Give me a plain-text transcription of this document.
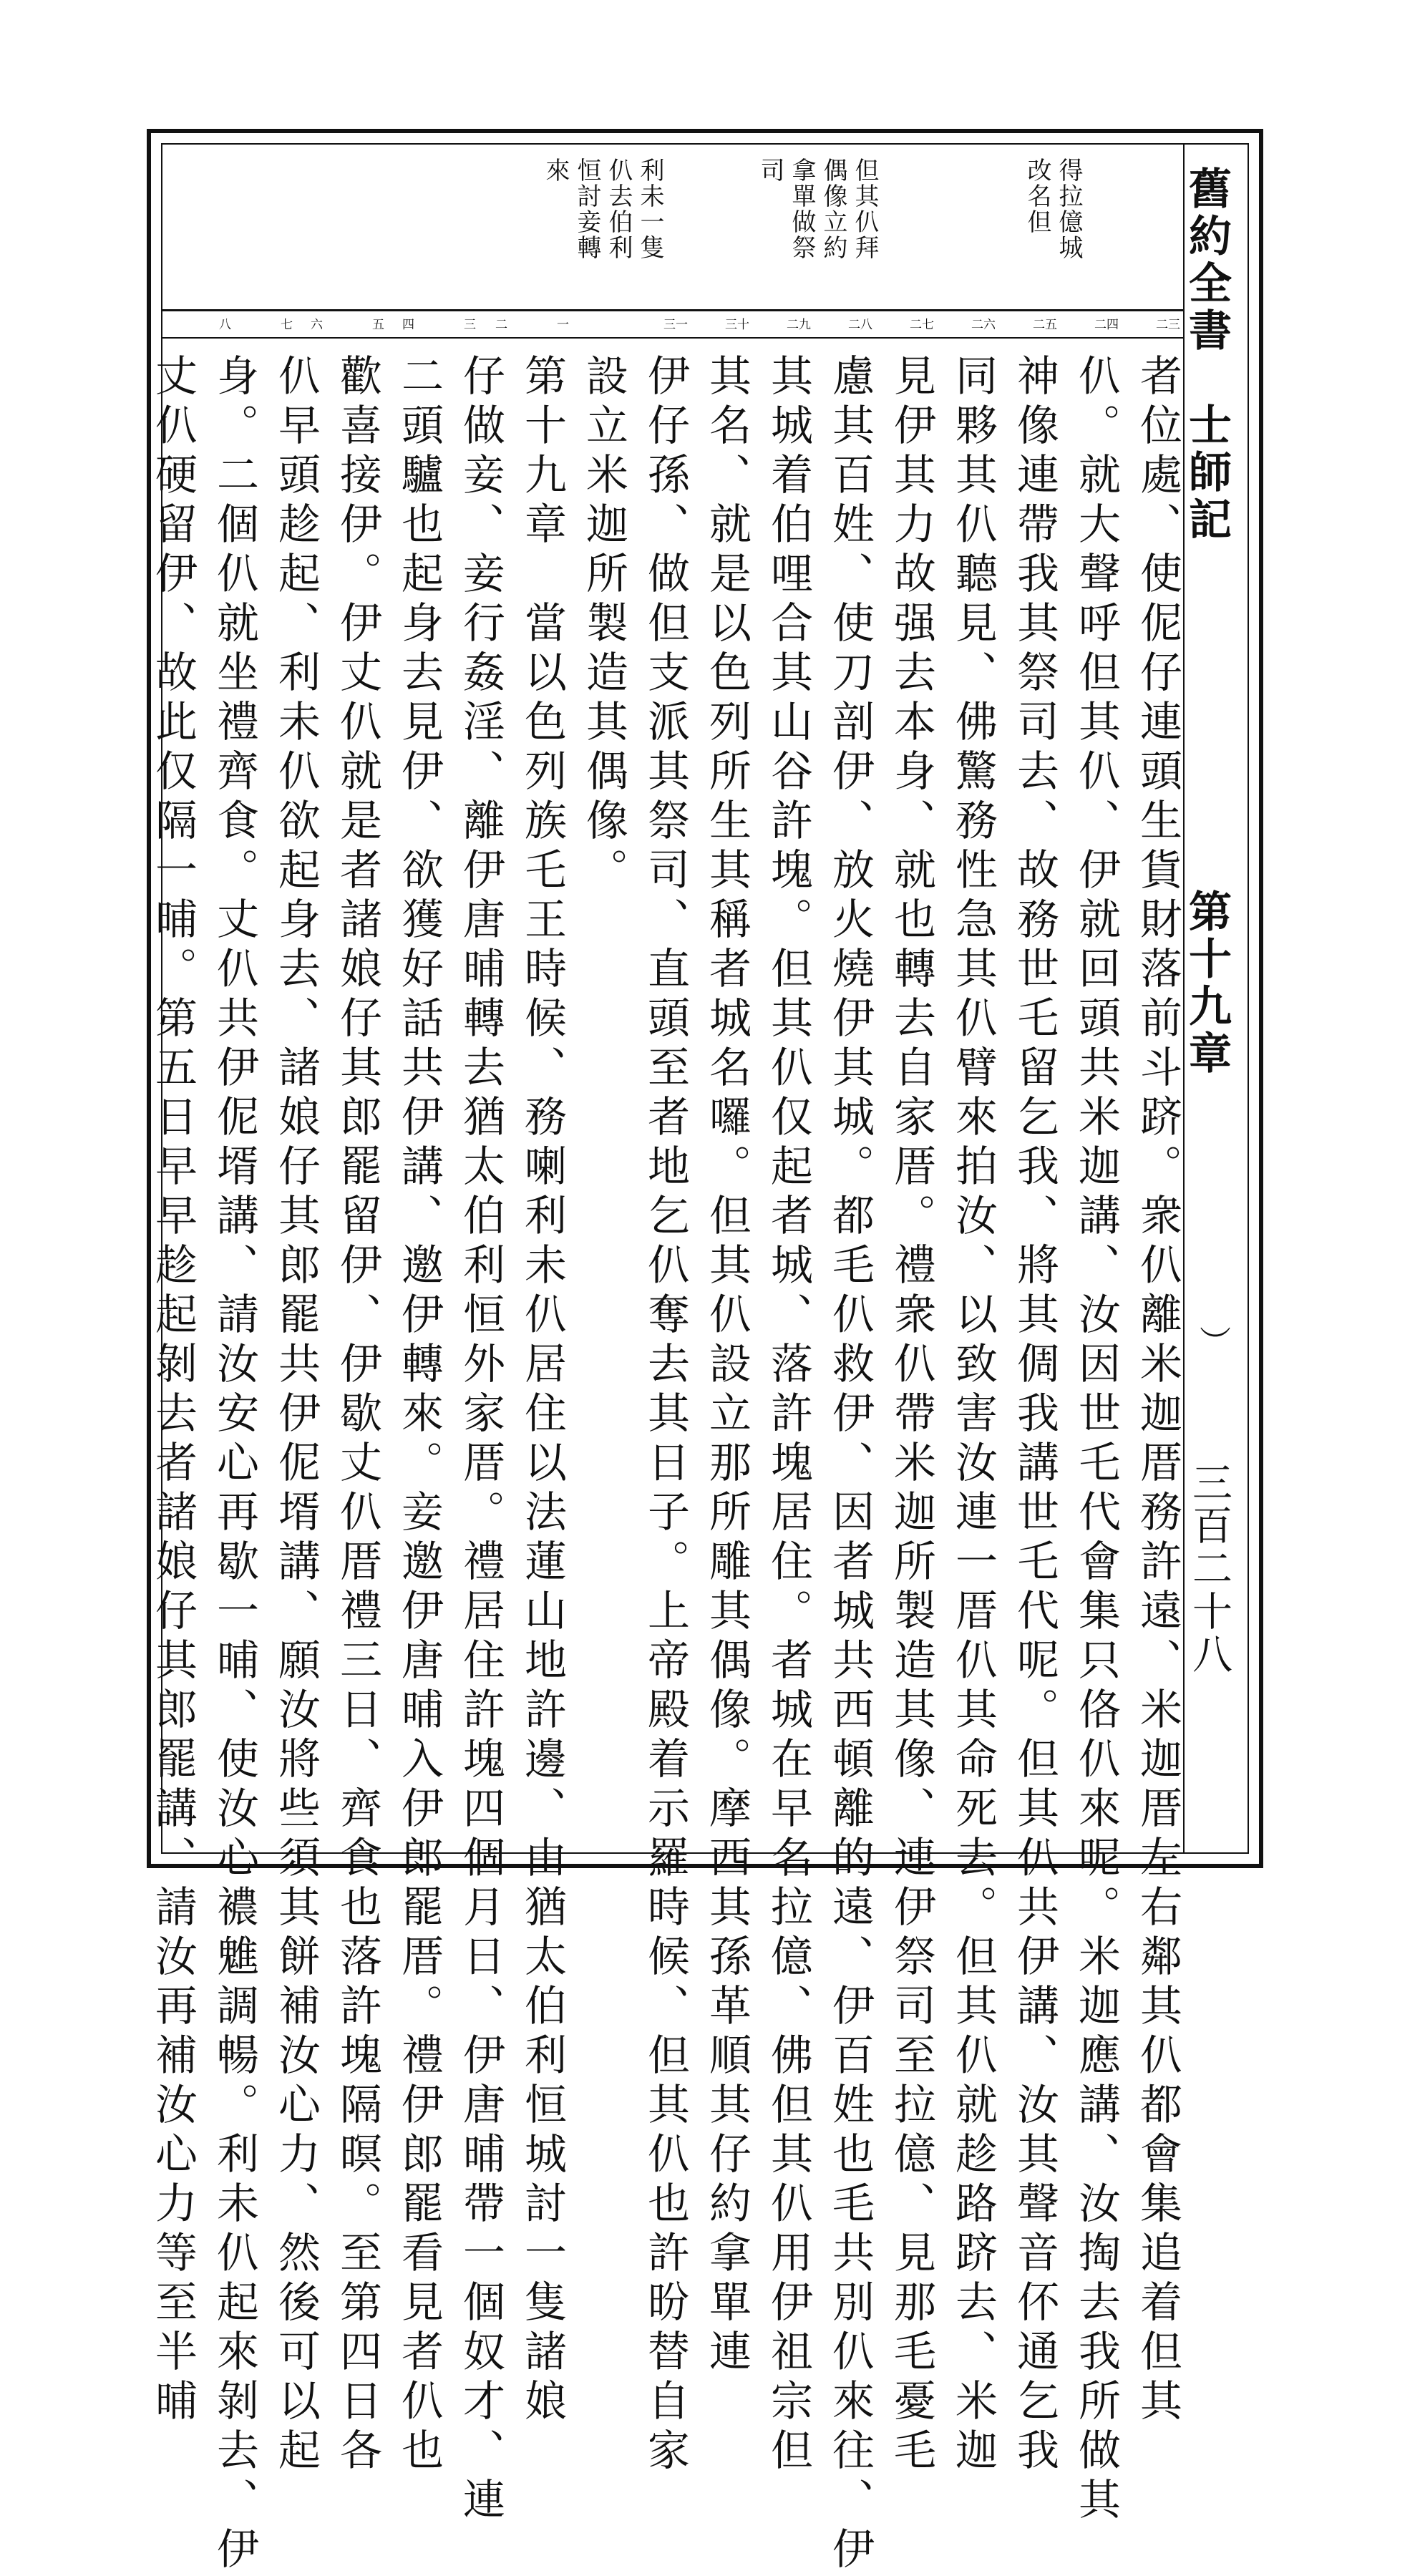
舊約全書　士師記
第十九章
）
三百二十八
得拉億城
改名但
但其仈拜
偶像立約
拿單做祭
司
利未一隻
仈去伯利
恒討妾轉
來
二三
二四
二五
二六
二七
二八
二九
三十
三一
一
二
三
四
五
六
七
八
者位處、使伲仔連頭生貨財落前斗跻。衆仈離米迦厝務許遠、米迦厝左右鄰其仈都會集追着但其
仈。就大聲呼但其仈、伊就回頭共米迦講、汝因世乇代會集只佫仈來呢。米迦應講、汝掏去我所做其
神像連帶我其祭司去、故務世乇留乞我、將其倜我講世乇代呢。但其仈共伊講、汝其聲音伓通乞我
同夥其仈聽見、佛驚務性急其仈臂來拍汝、以致害汝連一厝仈其命死去。但其仈就趁路跻去、米迦
見伊其力故强去本身、就也轉去自家厝。禮衆仈帶米迦所製造其像、連伊祭司至拉億、見那毛憂毛
慮其百姓、使刀剖伊、放火燒伊其城。都毛仈救伊、因者城共西頓離的遠、伊百姓也毛共別仈來往、伊
其城着伯哩合其山谷許塊。但其仈仅起者城、落許塊居住。者城在早名拉億、佛但其仈用伊祖宗但
其名、就是以色列所生其稱者城名囉。但其仈設立那所雕其偶像。摩西其孫革順其仔約拿單連
伊仔孫、做但支派其祭司、直頭至者地乞仈奪去其日子。上帝殿着示羅時候、但其仈也許昐替自家
設立米迦所製造其偶像。
第十九章　當以色列族乇王時候、務喇利未仈居住以法蓮山地許邊、由猶太伯利恒城討一隻諸娘
仔做妾、妾行姦淫、離伊唐晡轉去猶太伯利恒外家厝。禮居住許塊四個月日、伊唐晡帶一個奴才、連
二頭驢也起身去見伊、欲獲好話共伊講、邀伊轉來。妾邀伊唐晡入伊郎罷厝。禮伊郎罷看見者仈也
歡喜接伊。伊丈仈就是者諸娘仔其郎罷留伊、伊歇丈仈厝禮三日、齊食也落許塊隔暝。至第四日各
仈早頭趁起、利未仈欲起身去、諸娘仔其郎罷共伊伲壻講、願汝將些須其餅補汝心力、然後可以起
身。二個仈就坐禮齊食。丈仈共伊伲壻講、請汝安心再歇一晡、使汝心襛魋調暢。利未仈起來剝去、伊
丈仈硬留伊、故此仅隔一晡。第五日早早趁起剝去者諸娘仔其郎罷講、請汝再補汝心力等至半晡
